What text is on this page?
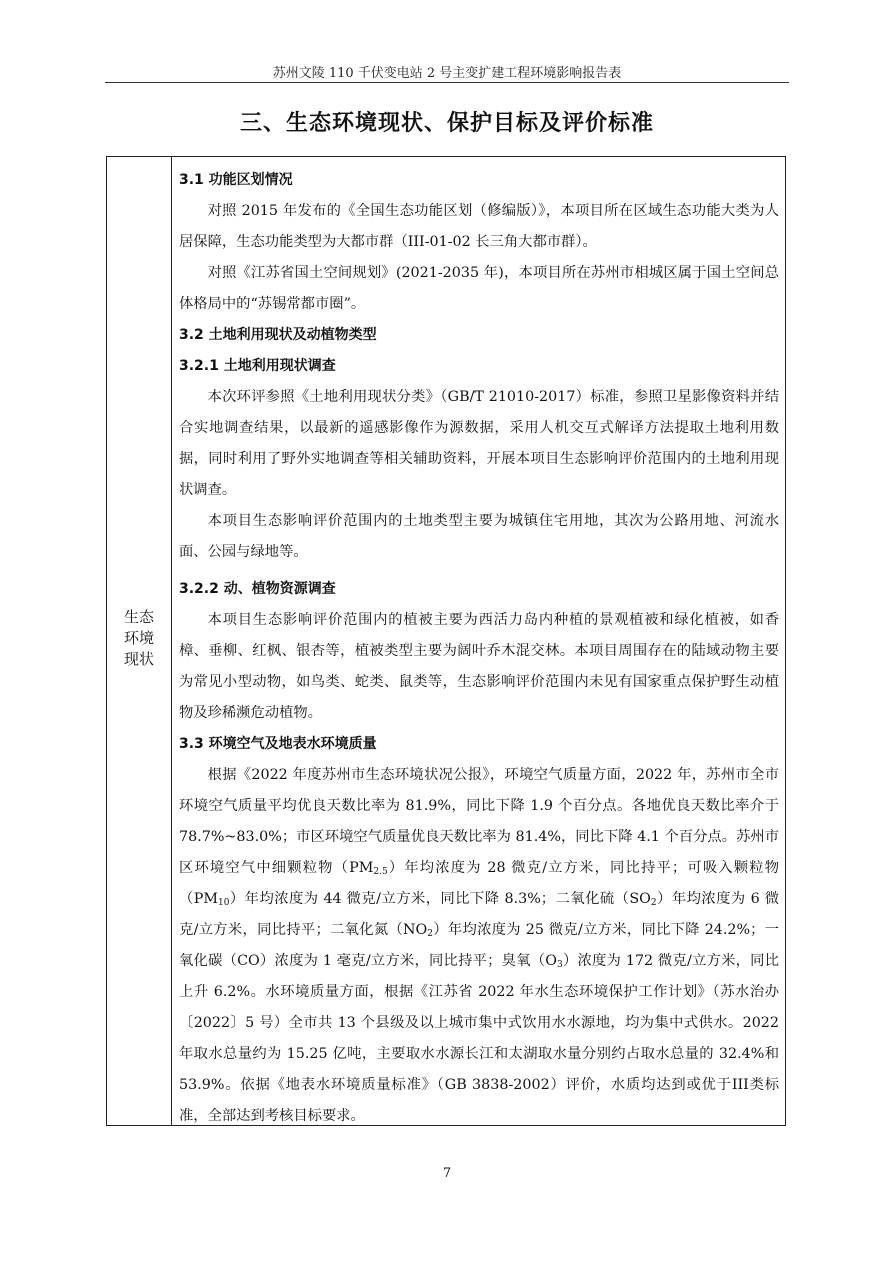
苏州文陵 110 千伏变电站 2 号主变扩建工程环境影响报告表
三、生态环境现状、保护目标及评价标准
生态
环境
现状
3.1 功能区划情况
对照 2015 年发布的《全国生态功能区划（修编版）》，本项目所在区域生态功能大类为人居保障，生态功能类型为大都市群（III-01-02 长三角大都市群）。
对照《江苏省国土空间规划》(2021-2035 年)，本项目所在苏州市相城区属于国土空间总体格局中的“苏锡常都市圈”。
3.2 土地利用现状及动植物类型
3.2.1 土地利用现状调查
本次环评参照《土地利用现状分类》（GB/T 21010-2017）标准，参照卫星影像资料并结合实地调查结果，以最新的遥感影像作为源数据，采用人机交互式解译方法提取土地利用数据，同时利用了野外实地调查等相关辅助资料，开展本项目生态影响评价范围内的土地利用现状调查。
本项目生态影响评价范围内的土地类型主要为城镇住宅用地，其次为公路用地、河流水面、公园与绿地等。
3.2.2 动、植物资源调查
本项目生态影响评价范围内的植被主要为西活力岛内种植的景观植被和绿化植被，如香樟、垂柳、红枫、银杏等，植被类型主要为阔叶乔木混交林。本项目周围存在的陆域动物主要为常见小型动物，如鸟类、蛇类、鼠类等，生态影响评价范围内未见有国家重点保护野生动植物及珍稀濒危动植物。
3.3 环境空气及地表水环境质量
根据《2022 年度苏州市生态环境状况公报》，环境空气质量方面，2022 年，苏州市全市环境空气质量平均优良天数比率为 81.9%，同比下降 1.9 个百分点。各地优良天数比率介于 78.7%~83.0%；市区环境空气质量优良天数比率为 81.4%，同比下降 4.1 个百分点。苏州市区环境空气中细颗粒物$(PM_{2.5})$年均浓度为 28 微克/立方米，同比持平；可吸入颗粒物$(PM_{10})$年均浓度为 44 微克/立方米，同比下降 8.3%；二氧化硫$(SO_2)$年均浓度为 6 微克/立方米，同比持平；二氧化氮$(NO_2)$年均浓度为 25 微克/立方米，同比下降 24.2%；一氧化碳（CO）浓度为 1 毫克/立方米，同比持平；臭氧$(O_3)$浓度为 172 微克/立方米，同比上升 6.2%。水环境质量方面，根据《江苏省 2022 年水生态环境保护工作计划》（苏水治办〔2022〕5 号）全市共 13 个县级及以上城市集中式饮用水水源地，均为集中式供水。2022 年取水总量约为 15.25 亿吨，主要取水水源长江和太湖取水量分别约占取水总量的 32.4%和 53.9%。依据《地表水环境质量标准》（GB 3838-2002）评价，水质均达到或优于III类标准，全部达到考核目标要求。
7
